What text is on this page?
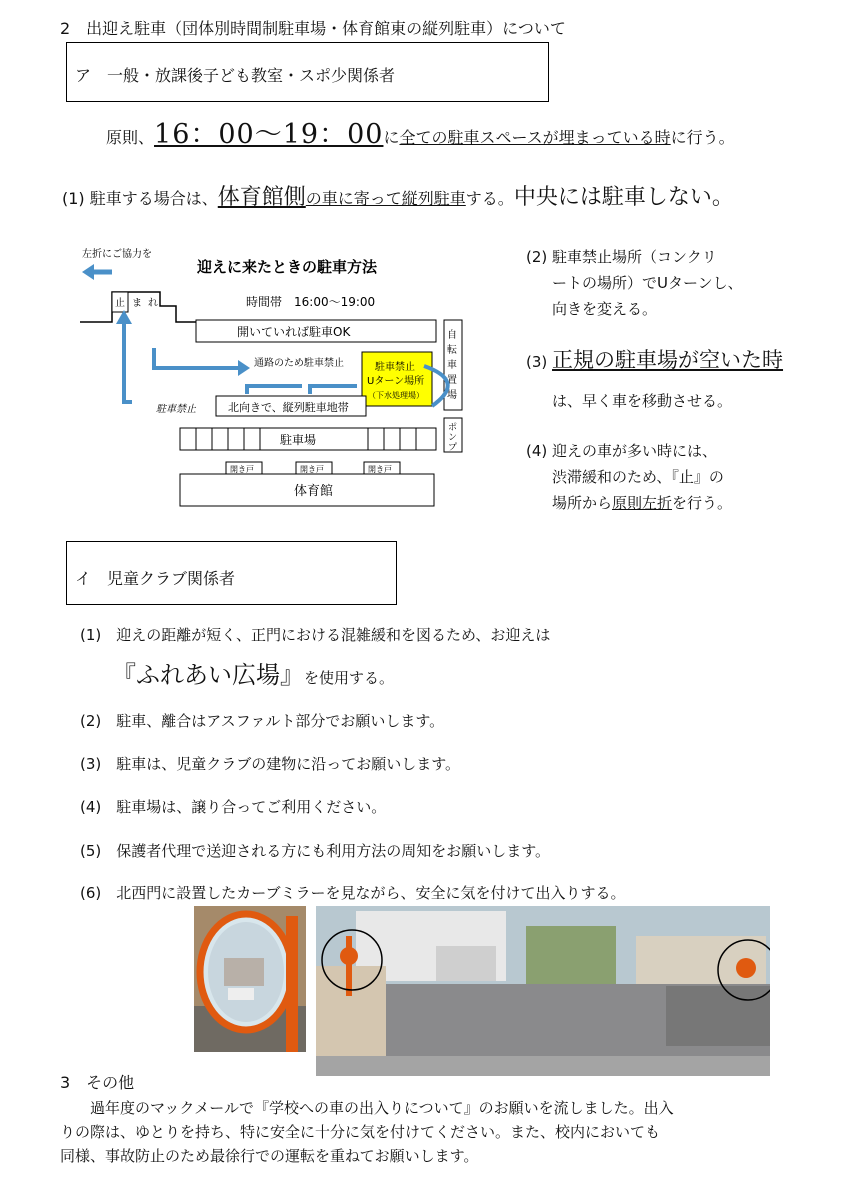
2　出迎え駐車（団体別時間制駐車場・体育館東の縦列駐車）について
ア　一般・放課後子ども教室・スポ少関係者
原則、16：00～19：00に全ての駐車スペースが埋まっている時に行う。
(1) 駐車する場合は、体育館側の車に寄って縦列駐車する。中央には駐車しない。
左折にご協力を
迎えに来たときの駐車方法
時間帯　16:00～19:00
止 ま れ
開いていれば駐車OK	自
転
車
置
場
通路のため駐車禁止	駐車禁止
Uターン場所
（下水処理場）
北向きで、縦列駐車地帯
駐車禁止
ポ
ン
プ
駐車場
開き戸	開き戸	開き戸
体育館
(2) 駐車禁止場所（コンクリ
ートの場所）でUターンし、
向きを変える。
(3) 正規の駐車場が空いた時
は、早く車を移動させる。
(4) 迎えの車が多い時には、
渋滞緩和のため、『止』の
場所から原則左折を行う。
イ　児童クラブ関係者
(1)　迎えの距離が短く、正門における混雑緩和を図るため、お迎えは
『ふれあい広場』を使用する。
(2)　駐車、離合はアスファルト部分でお願いします。
(3)　駐車は、児童クラブの建物に沿ってお願いします。
(4)　駐車場は、譲り合ってご利用ください。
(5)　保護者代理で送迎される方にも利用方法の周知をお願いします。
(6)　北西門に設置したカーブミラーを見ながら、安全に気を付けて出入りする。
3　その他
過年度のマックメールで『学校への車の出入りについて』のお願いを流しました。出入
りの際は、ゆとりを持ち、特に安全に十分に気を付けてください。また、校内においても
同様、事故防止のため最徐行での運転を重ねてお願いします。
